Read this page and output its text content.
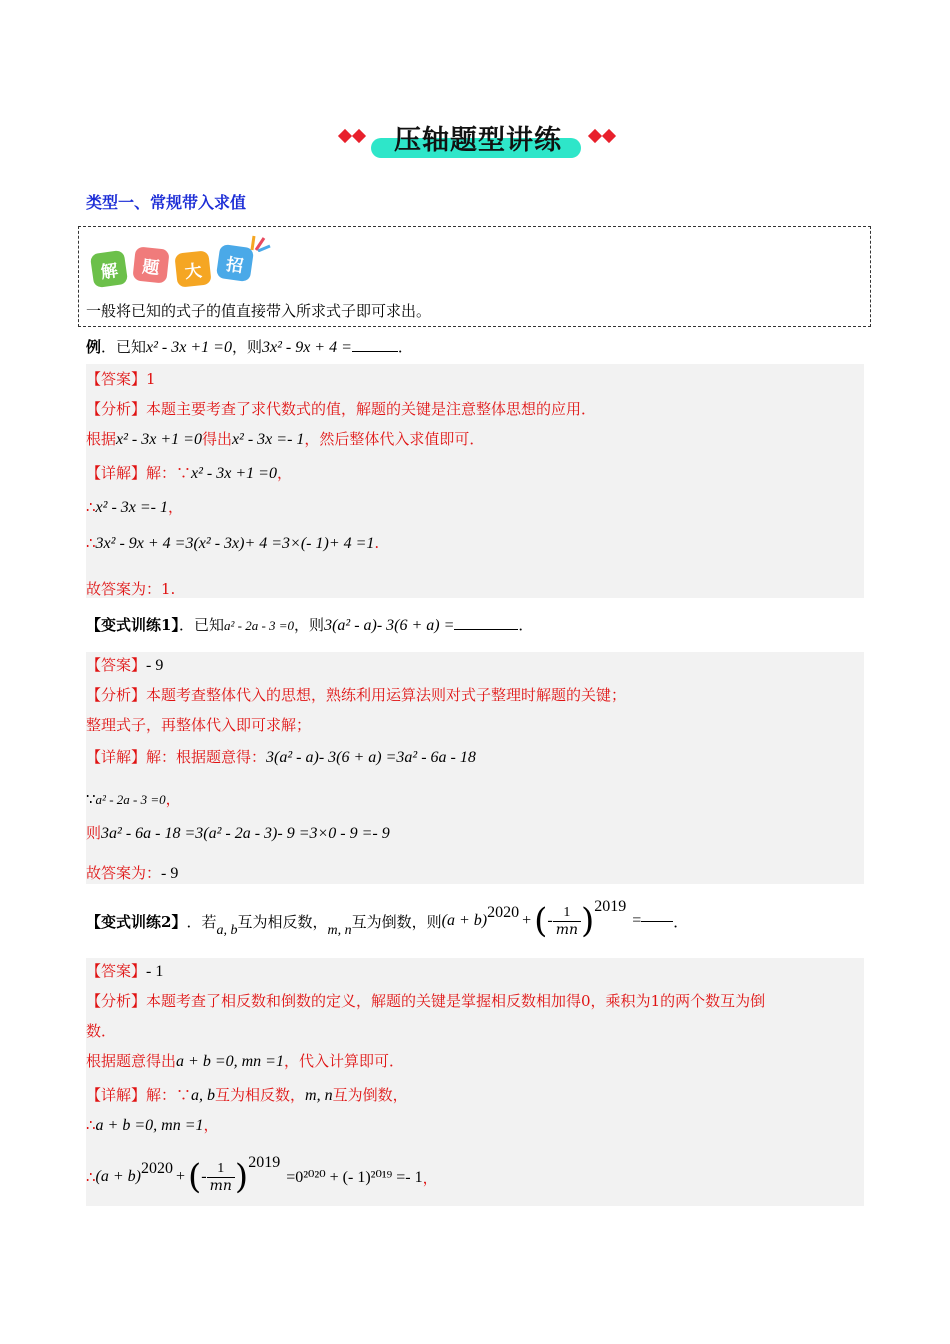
压轴题型讲练
类型一、常规带入求值
解	题	大	招
一般将已知的式子的值直接带入所求式子即可求出。
例．已知x² - 3x +1 =0，则3x² - 9x + 4 =	．
【答案】1
【分析】本题主要考查了求代数式的值，解题的关键是注意整体思想的应用．
根据x² - 3x +1 =0得出x² - 3x =- 1，然后整体代入求值即可．
【详解】解：∵x² - 3x +1 =0，
∴x² - 3x =- 1，
∴3x² - 9x + 4 =3(x² - 3x)+ 4 =3×(- 1)+ 4 =1.
故答案为：1.
【变式训练1】．已知a² - 2a - 3 =0，则3(a² - a)- 3(6 + a) =	．
【答案】- 9
【分析】本题考查整体代入的思想，熟练利用运算法则对式子整理时解题的关键；
整理式子，再整体代入即可求解；
【详解】解：根据题意得：3(a² - a)- 3(6 + a) =3a² - 6a - 18
∵a² - 2a - 3 =0，
则3a² - 6a - 18 =3(a² - 2a - 3)- 9 =3×0 - 9 =- 9
故答案为：- 9
【变式训练2】 ．若 a, b 互为相反数， m, n 互为倒数，则 $(a + b)^{2020}$ + ( - $\frac{1}{mn} )^{2019}$
= ．
【答案】- 1
【分析】本题考查了相反数和倒数的定义，解题的关键是掌握相反数相加得0，乘积为1的两个数互为倒
数．
根据题意得出a + b =0, mn =1，代入计算即可．
【详解】解：∵a, b互为相反数，m, n互为倒数，
∴a + b =0, mn =1，
∴ $(a + b)^{2020}$ + ( - $\frac{1}{mn} )^{2019}$
=0²⁰²⁰ + (- 1)²⁰¹⁹ =- 1 ，
